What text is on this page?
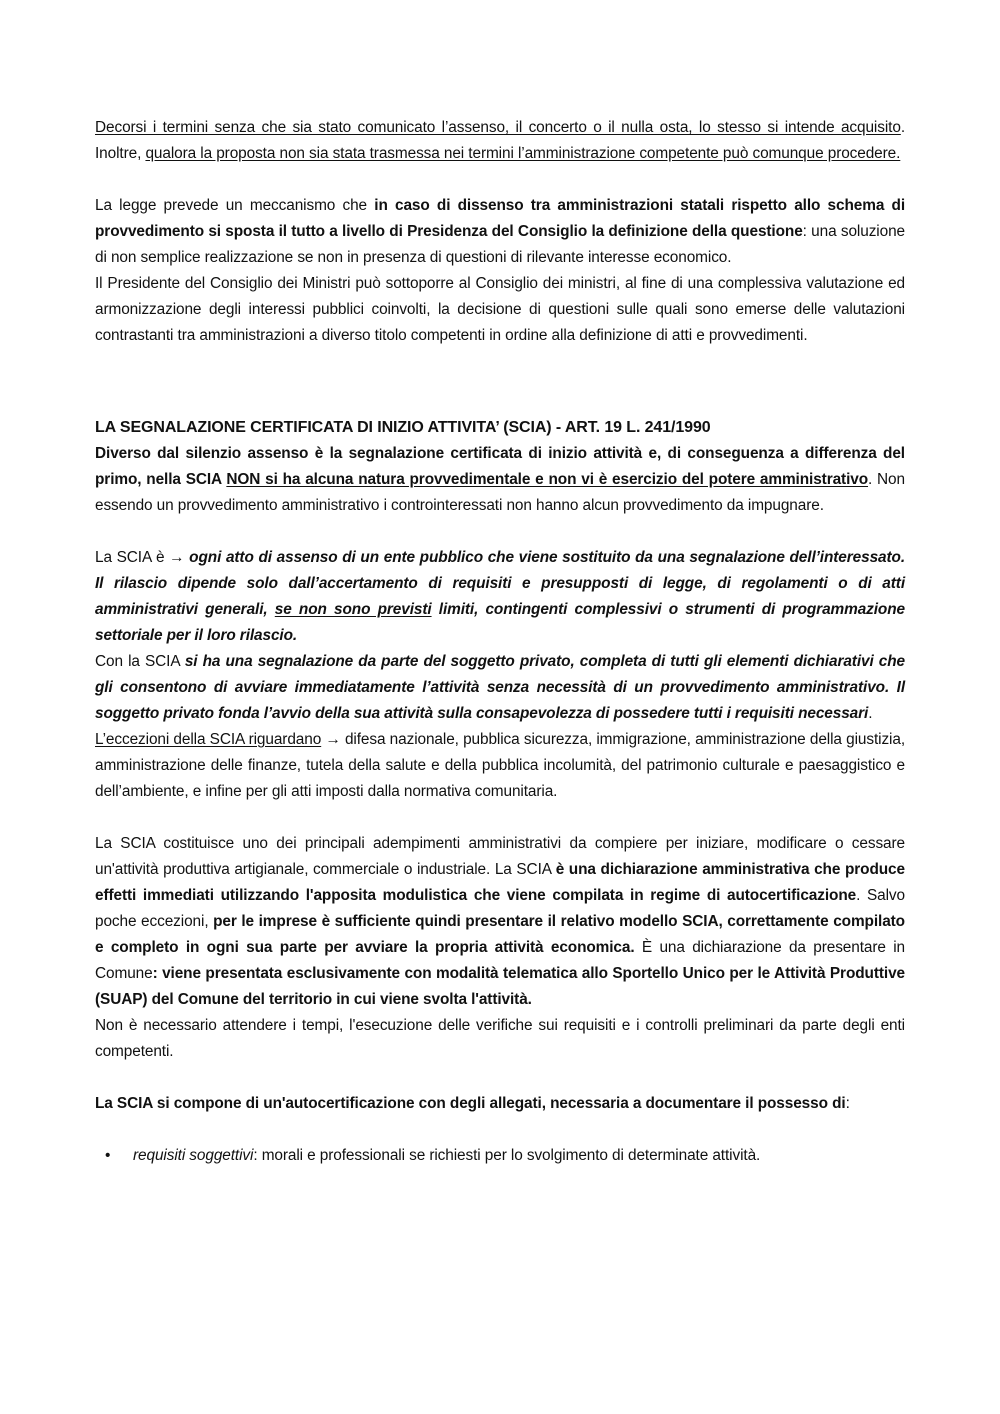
Decorsi i termini senza che sia stato comunicato l’assenso, il concerto o il nulla osta, lo stesso si intende acquisito. Inoltre, qualora la proposta non sia stata trasmessa nei termini l’amministrazione competente può comunque procedere.

La legge prevede un meccanismo che in caso di dissenso tra amministrazioni statali rispetto allo schema di provvedimento si sposta il tutto a livello di Presidenza del Consiglio la definizione della questione: una soluzione di non semplice realizzazione se non in presenza di questioni di rilevante interesse economico.

Il Presidente del Consiglio dei Ministri può sottoporre al Consiglio dei ministri, al fine di una complessiva valutazione ed armonizzazione degli interessi pubblici coinvolti, la decisione di questioni sulle quali sono emerse delle valutazioni contrastanti tra amministrazioni a diverso titolo competenti in ordine alla definizione di atti e provvedimenti.

LA SEGNALAZIONE CERTIFICATA DI INIZIO ATTIVITA’ (SCIA) - ART. 19 L. 241/1990

Diverso dal silenzio assenso è la segnalazione certificata di inizio attività e, di conseguenza a differenza del primo, nella SCIA NON si ha alcuna natura provvedimentale e non vi è esercizio del potere amministrativo. Non essendo un provvedimento amministrativo i controinteressati non hanno alcun provvedimento da impugnare.

La SCIA è → ogni atto di assenso di un ente pubblico che viene sostituito da una segnalazione dell’interessato. Il rilascio dipende solo dall’accertamento di requisiti e presupposti di legge, di regolamenti o di atti amministrativi generali, se non sono previsti limiti, contingenti complessivi o strumenti di programmazione settoriale per il loro rilascio.

Con la SCIA si ha una segnalazione da parte del soggetto privato, completa di tutti gli elementi dichiarativi che gli consentono di avviare immediatamente l’attività senza necessità di un provvedimento amministrativo. Il soggetto privato fonda l’avvio della sua attività sulla consapevolezza di possedere tutti i requisiti necessari.

L’eccezioni della SCIA riguardano → difesa nazionale, pubblica sicurezza, immigrazione, amministrazione della giustizia, amministrazione delle finanze, tutela della salute e della pubblica incolumità, del patrimonio culturale e paesaggistico e dell’ambiente, e infine per gli atti imposti dalla normativa comunitaria.

La SCIA costituisce uno dei principali adempimenti amministrativi da compiere per iniziare, modificare o cessare un'attività produttiva artigianale, commerciale o industriale. La SCIA è una dichiarazione amministrativa che produce effetti immediati utilizzando l'apposita modulistica che viene compilata in regime di autocertificazione. Salvo poche eccezioni, per le imprese è sufficiente quindi presentare il relativo modello SCIA, correttamente compilato e completo in ogni sua parte per avviare la propria attività economica. È una dichiarazione da presentare in Comune: viene presentata esclusivamente con modalità telematica allo Sportello Unico per le Attività Produttive (SUAP) del Comune del territorio in cui viene svolta l'attività.

Non è necessario attendere i tempi, l'esecuzione delle verifiche sui requisiti e i controlli preliminari da parte degli enti competenti.

La SCIA si compone di un'autocertificazione con degli allegati, necessaria a documentare il possesso di:

• requisiti soggettivi: morali e professionali se richiesti per lo svolgimento di determinate attività.
